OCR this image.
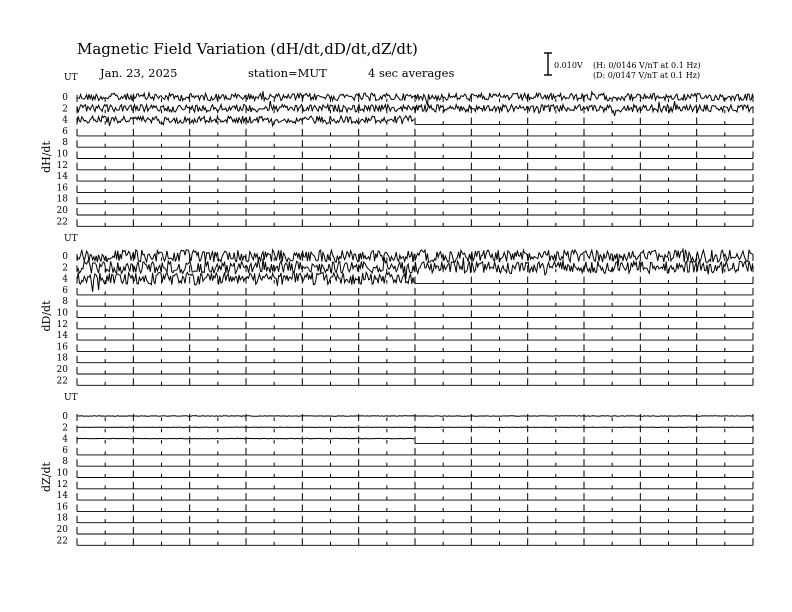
Magnetic Field Variation (dH/dt,dD/dt,dZ/dt)
Jan. 23, 2025	station=MUT	4 sec averages
0.010V (H: 0/0146 V/nT at 0.1 Hz)
(D: 0/0147 V/nT at 0.1 Hz)
UT
dH/dt
0
2
4
6
8
10
12
14
16
18
20
22
UT
dD/dt
0
2
4
6
8
10
12
14
16
18
20
22
UT
dZ/dt
0
2
4
6
8
10
12
14
16
18
20
22
